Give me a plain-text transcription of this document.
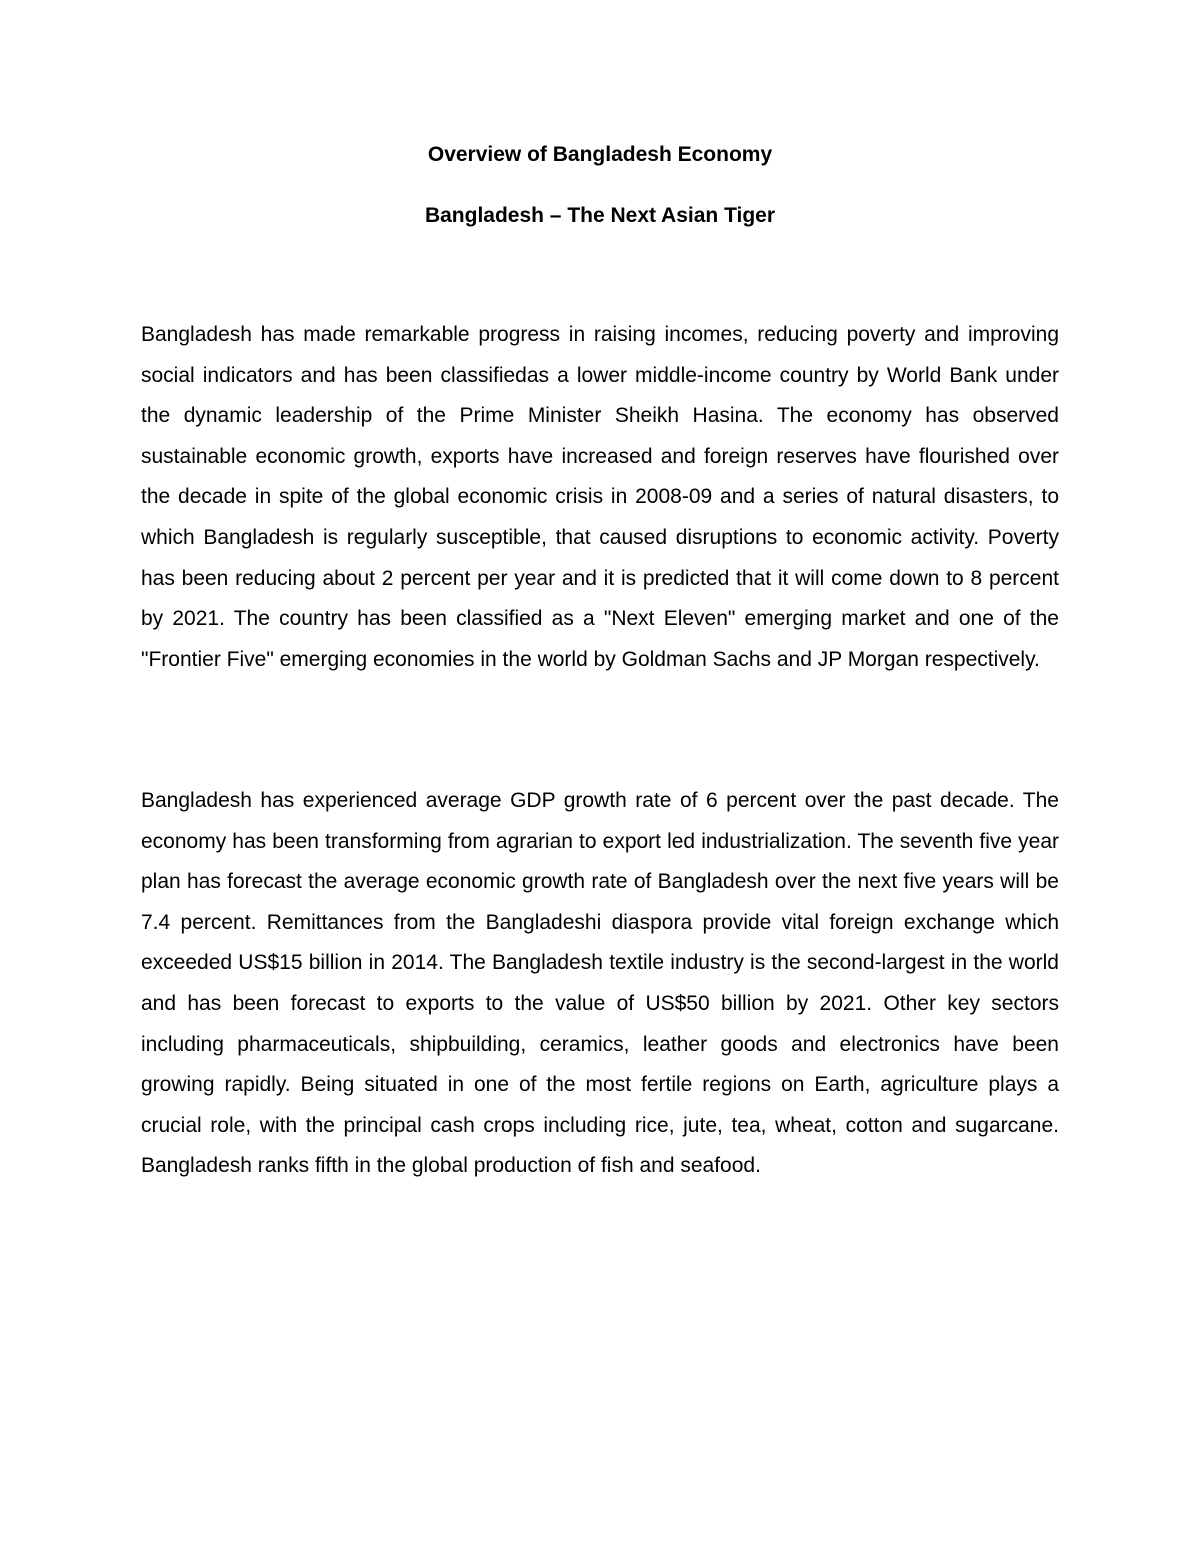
Overview of Bangladesh Economy
Bangladesh – The Next Asian Tiger

Bangladesh has made remarkable progress in raising incomes, reducing poverty and improving social indicators and has been classifiedas a lower middle-income country by World Bank under the dynamic leadership of the Prime Minister Sheikh Hasina. The economy has observed sustainable economic growth, exports have increased and foreign reserves have flourished over the decade in spite of the global economic crisis in 2008-09 and a series of natural disasters, to which Bangladesh is regularly susceptible, that caused disruptions to economic activity. Poverty has been reducing about 2 percent per year and it is predicted that it will come down to 8 percent by 2021. The country has been classified as a "Next Eleven" emerging market and one of the "Frontier Five" emerging economies in the world by Goldman Sachs and JP Morgan respectively.

Bangladesh has experienced average GDP growth rate of 6 percent over the past decade. The economy has been transforming from agrarian to export led industrialization. The seventh five year plan has forecast the average economic growth rate of Bangladesh over the next five years will be 7.4 percent. Remittances from the Bangladeshi diaspora provide vital foreign exchange which exceeded US$15 billion in 2014. The Bangladesh textile industry is the second-largest in the world and has been forecast to exports to the value of US$50 billion by 2021. Other key sectors including pharmaceuticals, shipbuilding, ceramics, leather goods and electronics have been growing rapidly. Being situated in one of the most fertile regions on Earth, agriculture plays a crucial role, with the principal cash crops including rice, jute, tea, wheat, cotton and sugarcane. Bangladesh ranks fifth in the global production of fish and seafood.
